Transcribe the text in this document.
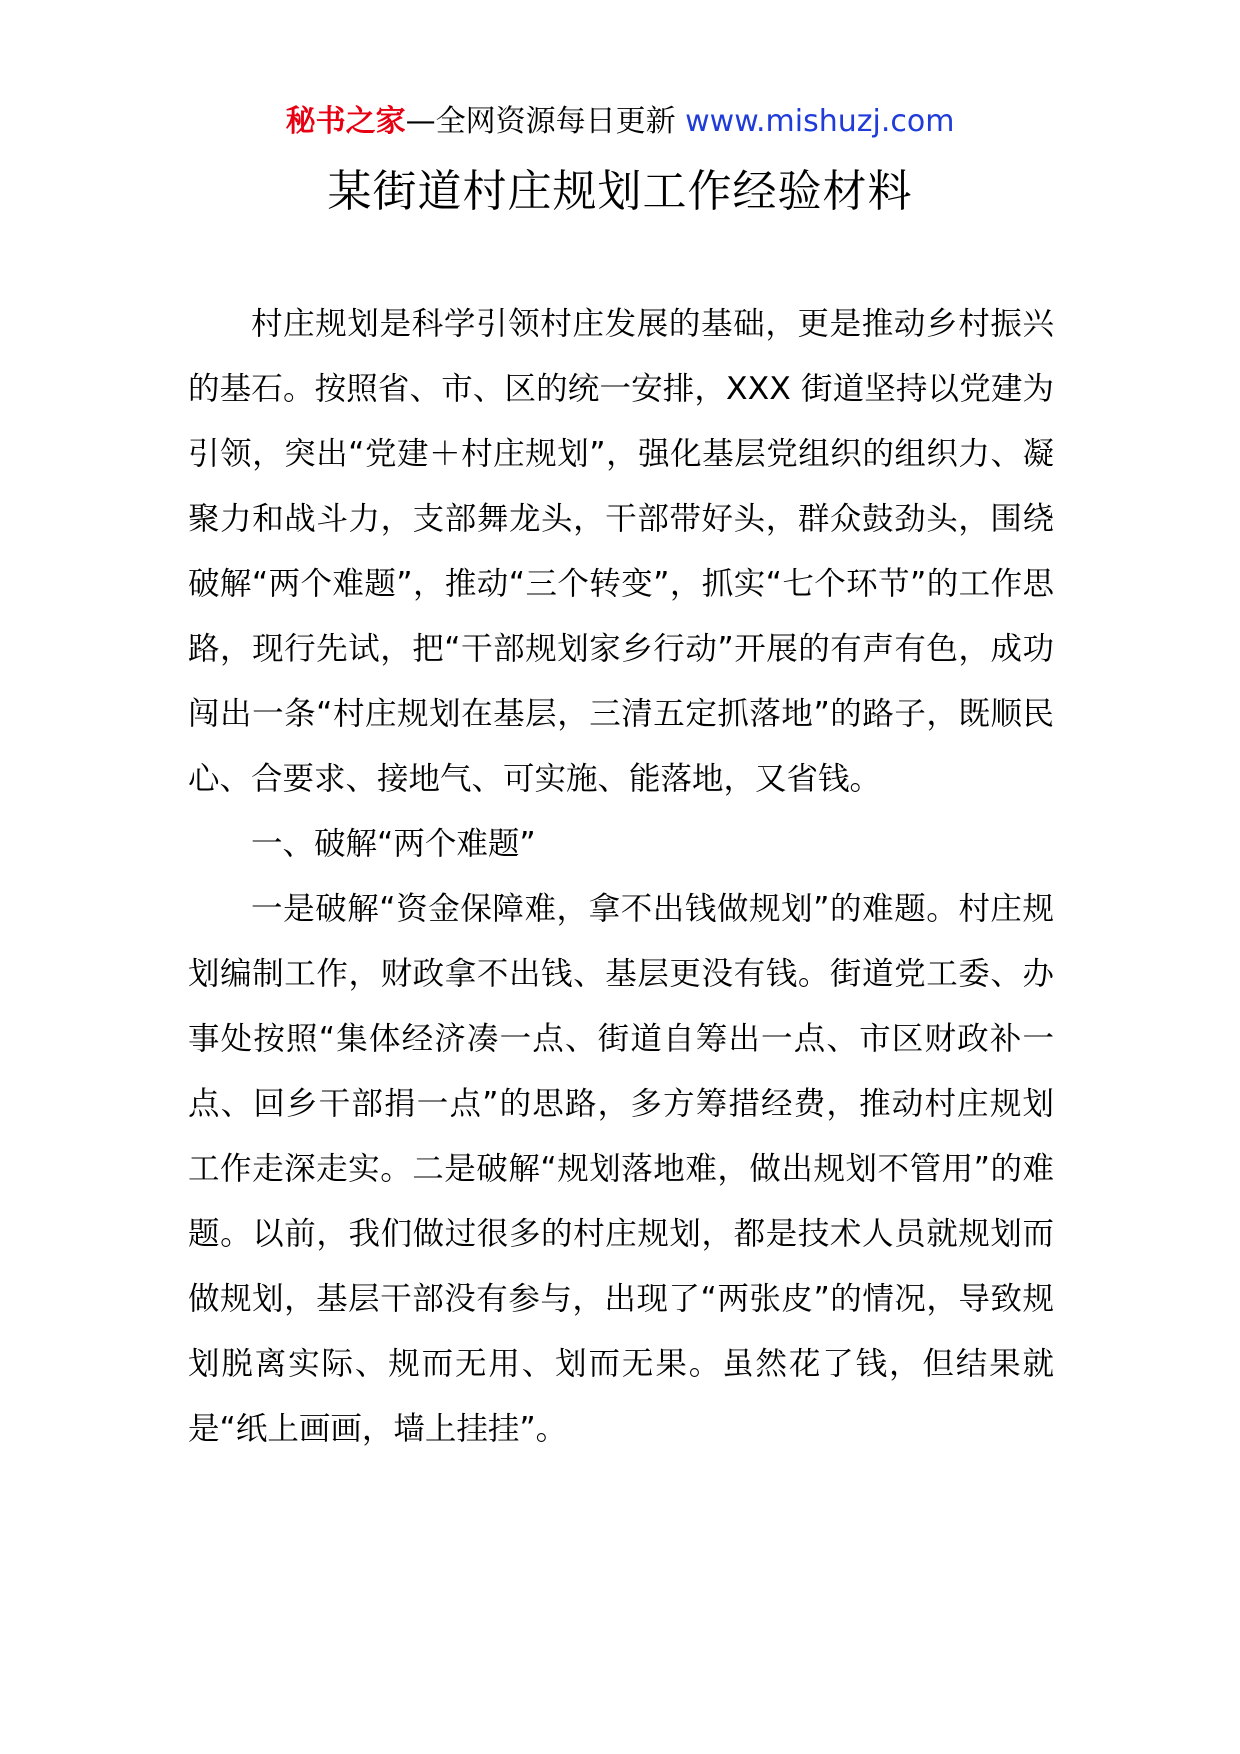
秘书之家—全网资源每日更新 www.mishuzj.com
某街道村庄规划工作经验材料

村庄规划是科学引领村庄发展的基础，更是推动乡村振兴的基石。按照省、市、区的统一安排，XXX 街道坚持以党建为引领，突出“党建＋村庄规划”，强化基层党组织的组织力、凝聚力和战斗力，支部舞龙头，干部带好头，群众鼓劲头，围绕破解“两个难题”，推动“三个转变”，抓实“七个环节”的工作思路，现行先试，把“干部规划家乡行动”开展的有声有色，成功闯出一条“村庄规划在基层，三清五定抓落地”的路子，既顺民心、合要求、接地气、可实施、能落地，又省钱。

一、破解“两个难题”

一是破解“资金保障难，拿不出钱做规划”的难题。村庄规划编制工作，财政拿不出钱、基层更没有钱。街道党工委、办事处按照“集体经济凑一点、街道自筹出一点、市区财政补一点、回乡干部捐一点”的思路，多方筹措经费，推动村庄规划工作走深走实。二是破解“规划落地难，做出规划不管用”的难题。以前，我们做过很多的村庄规划，都是技术人员就规划而做规划，基层干部没有参与，出现了“两张皮”的情况，导致规划脱离实际、规而无用、划而无果。虽然花了钱，但结果就是“纸上画画，墙上挂挂”。
